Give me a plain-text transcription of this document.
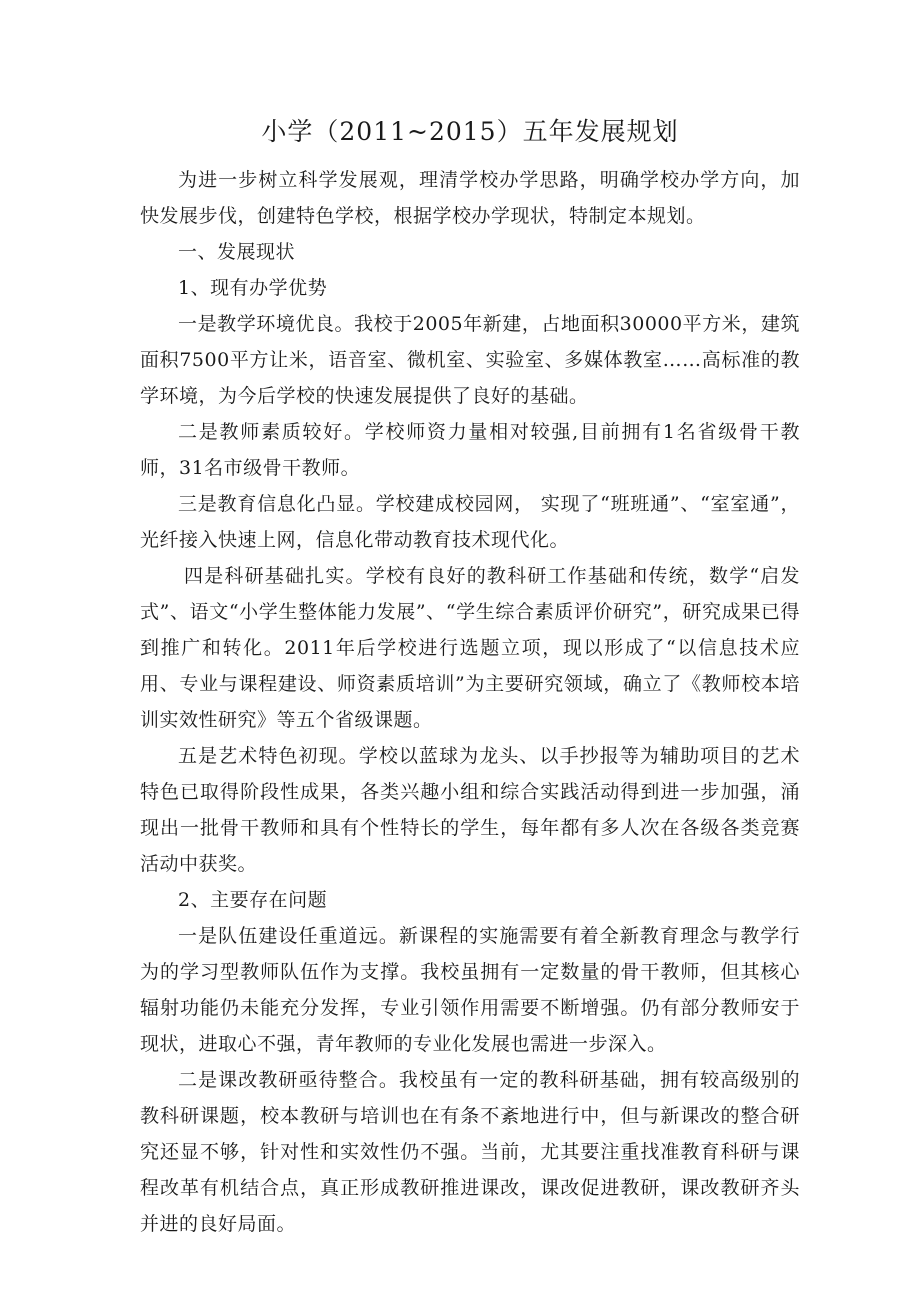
小学（2011~2015）五年发展规划

为进一步树立科学发展观，理清学校办学思路，明确学校办学方向，加快发展步伐，创建特色学校，根据学校办学现状，特制定本规划。

一、发展现状

1、现有办学优势

一是教学环境优良。我校于2005年新建，占地面积30000平方米，建筑面积7500平方让米，语音室、微机室、实验室、多媒体教室……高标准的教学环境，为今后学校的快速发展提供了良好的基础。

二是教师素质较好。学校师资力量相对较强,目前拥有1名省级骨干教师，31名市级骨干教师。

三是教育信息化凸显。学校建成校园网， 实现了“班班通”、“室室通”，光纤接入快速上网，信息化带动教育技术现代化。

四是科研基础扎实。学校有良好的教科研工作基础和传统，数学“启发式”、语文“小学生整体能力发展”、“学生综合素质评价研究”，研究成果已得到推广和转化。2011年后学校进行选题立项，现以形成了“以信息技术应用、专业与课程建设、师资素质培训”为主要研究领域，确立了《教师校本培训实效性研究》等五个省级课题。

五是艺术特色初现。学校以蓝球为龙头、以手抄报等为辅助项目的艺术特色已取得阶段性成果，各类兴趣小组和综合实践活动得到进一步加强，涌现出一批骨干教师和具有个性特长的学生，每年都有多人次在各级各类竞赛活动中获奖。

2、主要存在问题

一是队伍建设任重道远。新课程的实施需要有着全新教育理念与教学行为的学习型教师队伍作为支撑。我校虽拥有一定数量的骨干教师，但其核心辐射功能仍未能充分发挥，专业引领作用需要不断增强。仍有部分教师安于现状，进取心不强，青年教师的专业化发展也需进一步深入。

二是课改教研亟待整合。我校虽有一定的教科研基础，拥有较高级别的教科研课题，校本教研与培训也在有条不紊地进行中，但与新课改的整合研究还显不够，针对性和实效性仍不强。当前，尤其要注重找准教育科研与课程改革有机结合点，真正形成教研推进课改，课改促进教研，课改教研齐头并进的良好局面。
